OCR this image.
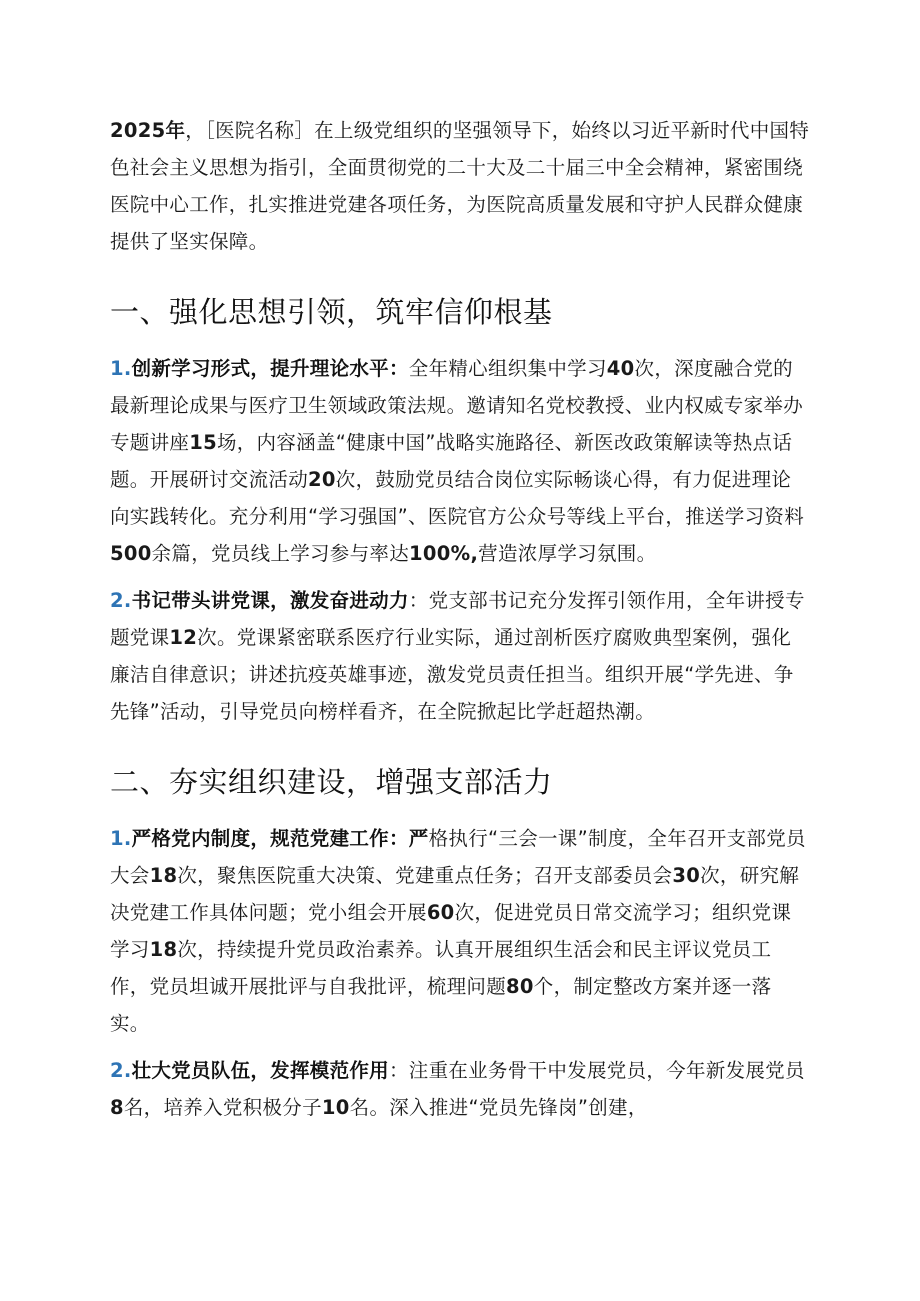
2025年，［医院名称］在上级党组织的坚强领导下，始终以习近平新时代中国特色社会主义思想为指引，全面贯彻党的二十大及二十届三中全会精神，紧密围绕医院中心工作，扎实推进党建各项任务，为医院高质量发展和守护人民群众健康提供了坚实保障。

一、强化思想引领，筑牢信仰根基

1.创新学习形式，提升理论水平：全年精心组织集中学习40次，深度融合党的最新理论成果与医疗卫生领域政策法规。邀请知名党校教授、业内权威专家举办专题讲座15场，内容涵盖“健康中国”战略实施路径、新医改政策解读等热点话题。开展研讨交流活动20次，鼓励党员结合岗位实际畅谈心得，有力促进理论向实践转化。充分利用“学习强国”、医院官方公众号等线上平台，推送学习资料500余篇，党员线上学习参与率达100%,营造浓厚学习氛围。

2.书记带头讲党课，激发奋进动力：党支部书记充分发挥引领作用，全年讲授专题党课12次。党课紧密联系医疗行业实际，通过剖析医疗腐败典型案例，强化廉洁自律意识；讲述抗疫英雄事迹，激发党员责任担当。组织开展“学先进、争先锋”活动，引导党员向榜样看齐，在全院掀起比学赶超热潮。

二、夯实组织建设，增强支部活力

1.严格党内制度，规范党建工作：严格执行“三会一课”制度，全年召开支部党员大会18次，聚焦医院重大决策、党建重点任务；召开支部委员会30次，研究解决党建工作具体问题；党小组会开展60次，促进党员日常交流学习；组织党课学习18次，持续提升党员政治素养。认真开展组织生活会和民主评议党员工作，党员坦诚开展批评与自我批评，梳理问题80个，制定整改方案并逐一落实。

2.壮大党员队伍，发挥模范作用：注重在业务骨干中发展党员，今年新发展党员8名，培养入党积极分子10名。深入推进“党员先锋岗”创建，
